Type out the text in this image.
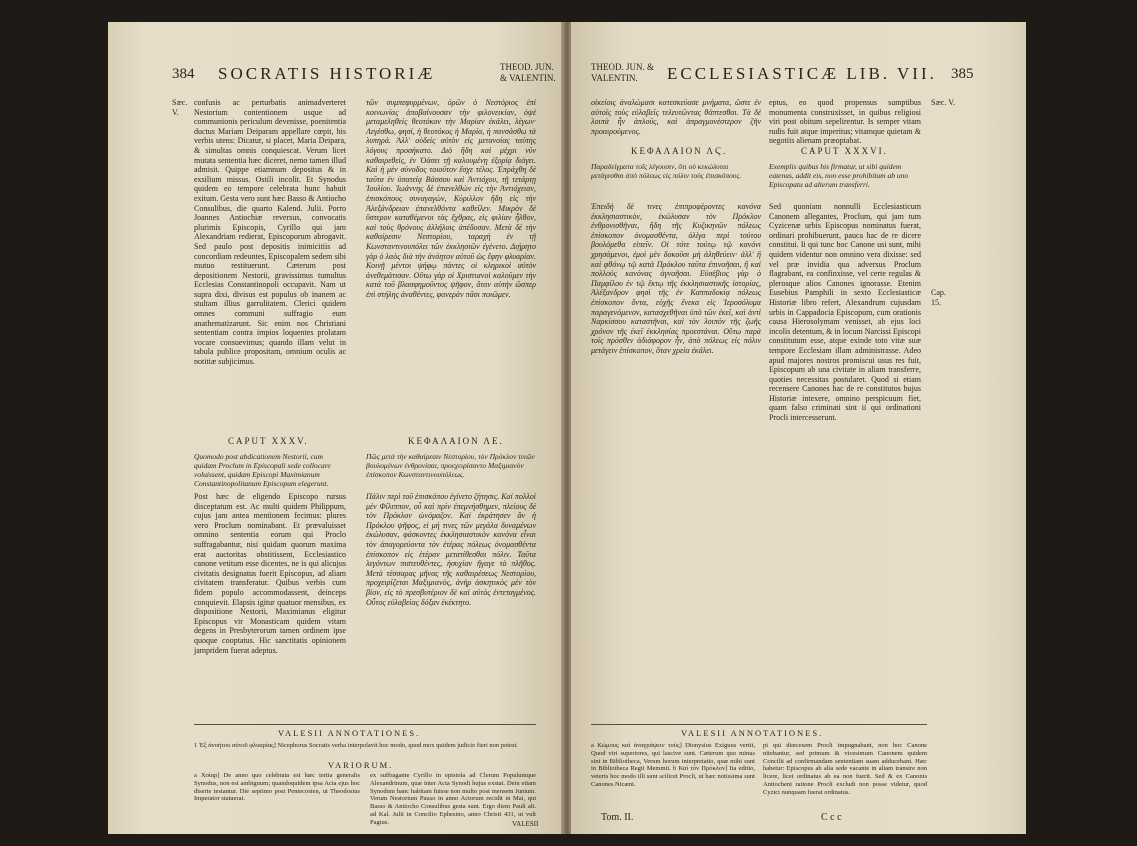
384 SOCRATIS HISTORIÆ	THEOD. JUN. & VALENTIN.
Sæc. V.
confusis ac perturbatis animadverteret Nestorium contentionem usque ad communionis periculum devenisse, poenitentia ductus Mariam Deiparam appellare cœpit, his verbis utens: Dicatur, si placet, Maria Deipara, & simultas omnis conquiescat. Verum licet mutata sententia hæc diceret, nemo tamen illud admisit. Quippe etiamnum depositus & in exsilium missus. Ostili incolit. Et Synodus quidem eo tempore celebrata hunc habuit exitum. Gesta vero sunt hæc Basso & Antiocho Consulibus, die quarto Kalend. Julii. Porro Joannes Antiochiæ reversus, convocatis plurimis Episcopis, Cyrillo qui jam Alexandriam redierat, Episcoporum abrogavit. Sed paulo post depositis inimicitiis ad concordiam redeuntes, Episcopalem sedem sibi mutuo restituerunt. Cæterum post depositionem Nestorii, gravissimus tumultus Ecclesias Constantinopoli occupavit. Nam ut supra dixi, divisus est populus ob inanem ac stultam illius garrulitatem. Clerici quidem omnes communi suffragio eum anathematizarunt. Sic enim nos Christiani sententiam contra impios loquentes prolatam vocare consuevimus; quando illam velut in tabula publice propositam, omnium oculis ac notitiæ subjicimus.
τῶν συμπεφυρμένων, ὁρῶν ὁ Νεστόριος ἐπὶ κοινωνίας ἀποβαίνουσαν τὴν φιλονεικίαν, ὀψὲ μεταμεληθεὶς θεοτόκον τὴν Μαρίαν ἐκάλει, λέγων· Λεγέσθω, φησί, ἡ θεοτόκος ἡ Μαρία, ἡ πανσάσθω τὰ λυπηρά. Ἀλλ' οὐδεὶς αὐτὸν εἰς μετανοίας ταύτης λόγους προσήκατο. Διὸ ἤδη καὶ μέχρι νῦν καθαιρεθεὶς, ἐν Ὀάσει τῇ καλουμένῃ ἐξορίᾳ διάγει. Καὶ ἡ μὲν σύνοδος τοιοῦτον ἔσχε τέλος. Ἐπράχθη δὲ ταῦτα ἐν ὑπατείᾳ Βάσσου καὶ Ἀντιόχου, τῇ τετάρτῃ Ἰουλίου. Ἰωάννης δὲ ἐπανελθὼν εἰς τὴν Ἀντιόχειαν, ἐπισκόπους συναγαγὼν, Κύριλλον ἤδη εἰς τὴν Ἀλεξάνδρειαν ἐπανελθόντα καθεῖλεν. Μικρὸν δὲ ὕστερον καταθέμενοι τὰς ἔχθρας, εἰς φιλίαν ἦλθον, καὶ τοὺς θρόνους ἀλλήλοις ἀπέδοσαν. Μετὰ δὲ τὴν καθαίρεσιν Νεστορίου, ταραχὴ ἐν τῇ Κωνσταντινουπόλει τῶν ἐκκλησιῶν ἐγένετο. Διῄρητο γὰρ ὁ λαὸς διὰ τὴν ἀνόητον αὐτοῦ ὡς ἔφην φλυαρίαν. Κοινῇ μέντοι ψήφῳ πάντες οἱ κληρικοὶ αὐτὸν ἀνεθεμάτισαν. Οὕτω γὰρ οἱ Χριστιανοὶ καλοῦμεν τὴν κατὰ τοῦ βλασφημοῦντος ψῆφον, ὅταν αὐτὴν ὥσπερ ἐπὶ στήλης ἀναθέντες, φανερὰν πᾶσι ποιῶμεν.
CAPUT XXXV.	ΚΕΦΑΛΑΙΟΝ ΛΕ.
Quomodo post abdicationem Nestorii, cum quidam Proclum in Episcopali sede collocare voluissent, quidam Episcopi Maximianum Constantinopolitanum Episcopum elegerunt.
Πῶς μετὰ τὴν καθαίρεσιν Νεστορίου, τὸν Πρόκλον τινῶν βουλομένων ἐνθρονίσαι, προεχειρίσαντο Μαξιμιανὸν ἐπίσκοπον Κωνσταντινουπόλεως.
Post hæc de eligendo Episcopo rursus disceptatum est. Ac multi quidem Philippum, cujus jam antea mentionem fecimus: plures vero Proclum nominabant. Et prævaluisset omnino sententia eorum qui Proclo suffragabantur, nisi quidam quorum maxima erat auctoritas obstitissent, Ecclesiastico canone vetitum esse dicentes, ne is qui alicujus civitatis designatus fuerit Episcopus, ad aliam civitatem transferatur. Quibus verbis cum fidem populo accommodassent, deinceps conquievit. Elapsis igitur quatuor mensibus, ex dispositione Nestorii, Maximianus eligitur Episcopus vir Monasticam quidem vitam degens in Presbyterorum tamen ordinem ipse quoque cooptatus. Hic sanctitatis opinionem jampridem fuerat adeptus.
Πάλιν περὶ τοῦ ἐπισκόπου ἐγίνετο ζήτησις. Καὶ πολλοὶ μὲν Φίλιππον, οὗ καὶ πρὶν ἐπεμνήσθημεν, πλείους δὲ τὸν Πρόκλον ὠνόμαζον. Καὶ ἐκράτησεν ἂν ἡ Πρόκλου ψῆφος, εἰ μή τινες τῶν μεγάλα δυναμένων ἐκώλυσαν, φάσκοντες ἐκκλησιαστικὸν κανόνα εἶναι τὸν ἀπαγορεύοντα τὸν ἑτέρας πόλεως ὀνομασθέντα ἐπίσκοπον εἰς ἑτέραν μετατίθεσθαι πόλιν. Ταῦτα λεγόντων πιστευθέντες, ἡσυχίαν ἤγαγε τὸ πλῆθος. Μετὰ τέσσαρας μῆνας τῆς καθαιρέσεως Νεστορίου, προχειρίζεται Μαξιμιανὸς, ἀνὴρ ἀσκητικὸς μὲν τὸν βίον, εἰς τὸ πρεσβυτέριον δὲ καὶ αὐτὸς ἐντεταγμένος. Οὗτος εὐλαβείας δόξαν ἐκέκτητο.
VALESII ANNOTATIONES.
1 Ἐξ ἀνοήτου αὐτοῦ φλυαρίας] Nicephorus Socratis verba interpolavit hoc modo, quod mox quidem judicio fieri non potest.
VARIORUM.
a Xοίαρ] De anno quo celebrata est hæc tertia generalis Synodus, non est ambiguum; quandoquidem ipsa Acta ejus hoc diserte testantur. Die septimo post Pentecosten, ut Theodosius Imperator statuerat.
ex suffragante Cyrillo in epistola ad Clerum Populumque Alexandrinum, quæ inter Acta Synodi hujus exstat. Dein etiam Synodum hanc habitam fuisse non multo post mensem Junium. Verum Nestorium Pauso in anno Actorum recidit in Mai, qui Basso & Antiocho Consulibus gesta sunt. Ergo diem Pauli alt. ad Kal. Julii in Concilio Ephesino, anno Christi 431, ut vult Pagius.	VALESII
THEOD. JUN. & VALENTIN.	ECCLESIASTICÆ LIB. VII. 385
οἰκείοις ἀναλώμασι κατεσκεύασε μνήματα, ὥστε ἐν αὐτοῖς τοὺς εὐλαβεῖς τελευτῶντας θάπτεσθαι. Τὰ δὲ λοιπὰ ἦν ἁπλοῦς, καὶ ἀπραγμονέστερον ζῆν προαιρούμενος.
eptus, eo quod propensus sumptibus monumenta construxisset, in quibus religiosi viri post obitum sepelirentur. Is semper vitam rudis fuit atque imperitus; vitamque quietam & negotiis alienam præoptabat.
Sæc. V.
ΚΕΦΑΛΑΙΟΝ ΛϚ.	CAPUT XXXVI.
Παραδείγματα τοῖς λέγουσιν, ὅτι οὐ κεκώλυται μετάγεσθαι ἀπὸ πόλεως εἰς πόλιν τοὺς ἐπισκόπους.
Exemplis quibus his firmatur, ut sibi quidem eatenus, addit eis, non esse prohibitum ab uno Episcopatu ad alterum transferri.
Ἐπειδὴ δέ τινες ἐπιπροφέροντες κανόνα ἐκκλησιαστικὸν, ἐκώλυσαν τὸν Πρόκλον ἐνθρονισθῆναι, ἤδη τῆς Κυζικηνῶν πόλεως ἐπίσκοπον ὀνομασθέντα, ὀλίγα περὶ τούτου βουλόμεθα εἰπεῖν. Οἱ τότε τούτῳ τῷ κανόνι χρησάμενοι, ἐμοὶ μὲν δοκοῦσι μὴ ἀληθεύειν· ἀλλ' ἢ καὶ φθόνῳ τῷ κατὰ Πρόκλου ταῦτα ἐπινοῆσαι, ἢ καὶ πολλοὺς κανόνας ἀγνοῆσαι. Εὐσέβιος γὰρ ὁ Παμφίλου ἐν τῷ ἕκτῳ τῆς ἐκκλησιαστικῆς ἱστορίας, Ἀλέξανδρον φησὶ τῆς ἐν Καππαδοκίᾳ πόλεως ἐπίσκοπον ὄντα, εὐχῆς ἕνεκα εἰς Ἱεροσόλυμα παραγενόμενον, κατασχεθῆναι ὑπὸ τῶν ἐκεῖ, καὶ ἀντὶ Ναρκίσσου καταστῆναι, καὶ τὸν λοιπὸν τῆς ζωῆς χρόνον τῆς ἐκεῖ ἐκκλησίας προεστάναι. Οὕτω παρὰ τοῖς πρόσθεν ἀδιάφορον ἦν, ἀπὸ πόλεως εἰς πόλιν μετάγειν ἐπίσκοπον, ὅταν χρεία ἐκάλει.
Sed quoniam nonnulli Ecclesiasticum Canonem allegantes, Proclum, qui jam tum Cyzicenæ urbis Episcopus nominatus fuerat, ordinari prohibuerunt, pauca hac de re dicere constitui. Ii qui tunc hoc Canone usi sunt, mihi quidem videntur non omnino vera dixisse: sed vel præ invidia qua adversus Proclum flagrabant, ea confinxisse, vel certe regulas & plerosque alios Canones ignorasse. Etenim Eusebius Pamphili in sexto Ecclesiasticæ Historiæ libro refert, Alexandrum cujusdam urbis in Cappadocia Episcopum, cum orationis causa Hierosolymam venisset, ab ejus loci incolis detentum, & in locum Narcissi Episcopi constitutum esse, atque exinde toto vitæ suæ tempore Ecclesiam illam administrasse. Adeo apud majores nostros promiscui usus res fuit, Episcopum ab una civitate in aliam transferre, quoties necessitas postularet. Quod si etiam recensere Canones hac de re constitutos hujus Historiæ intexere, omnino perspicuum fiet, quam falso criminati sint ii qui ordinationi Procli intercesserunt.
Cap. 15.
VALESII ANNOTATIONES.
a Κώμους καὶ ἀναγράψειν τοὺς] Dionysius Exiguus vertit, Quod viri superiores, qui lascive sunt. Cæterum quo minus sint in Bibliotheca, Verum horum interpretatio, quæ mihi sunt in Bibliotheca Regii Memmii. b Καὶ τὸν Πρόκλον] Ita editio, veteris hoc modo illi sunt scilicet Procli, ut hæc notissima sunt Canones Nicæni.
pi qui diœcesem Procli impugnabant, non hoc Canone nitebantur, sed primum & vicesimum Canonem quidem Concilii ad confirmandam sententiam suam adducebant. Hæc habetur: Episcopus ab alia sede vacante in aliam transire non licere, licet ordinatus ab ea non fuerit. Sed & ex Canonis Antiocheni ratione Procli excludi non posse videtur, quod Cyzici nunquam fuerat ordinatus.
Tom. II.	C c c
